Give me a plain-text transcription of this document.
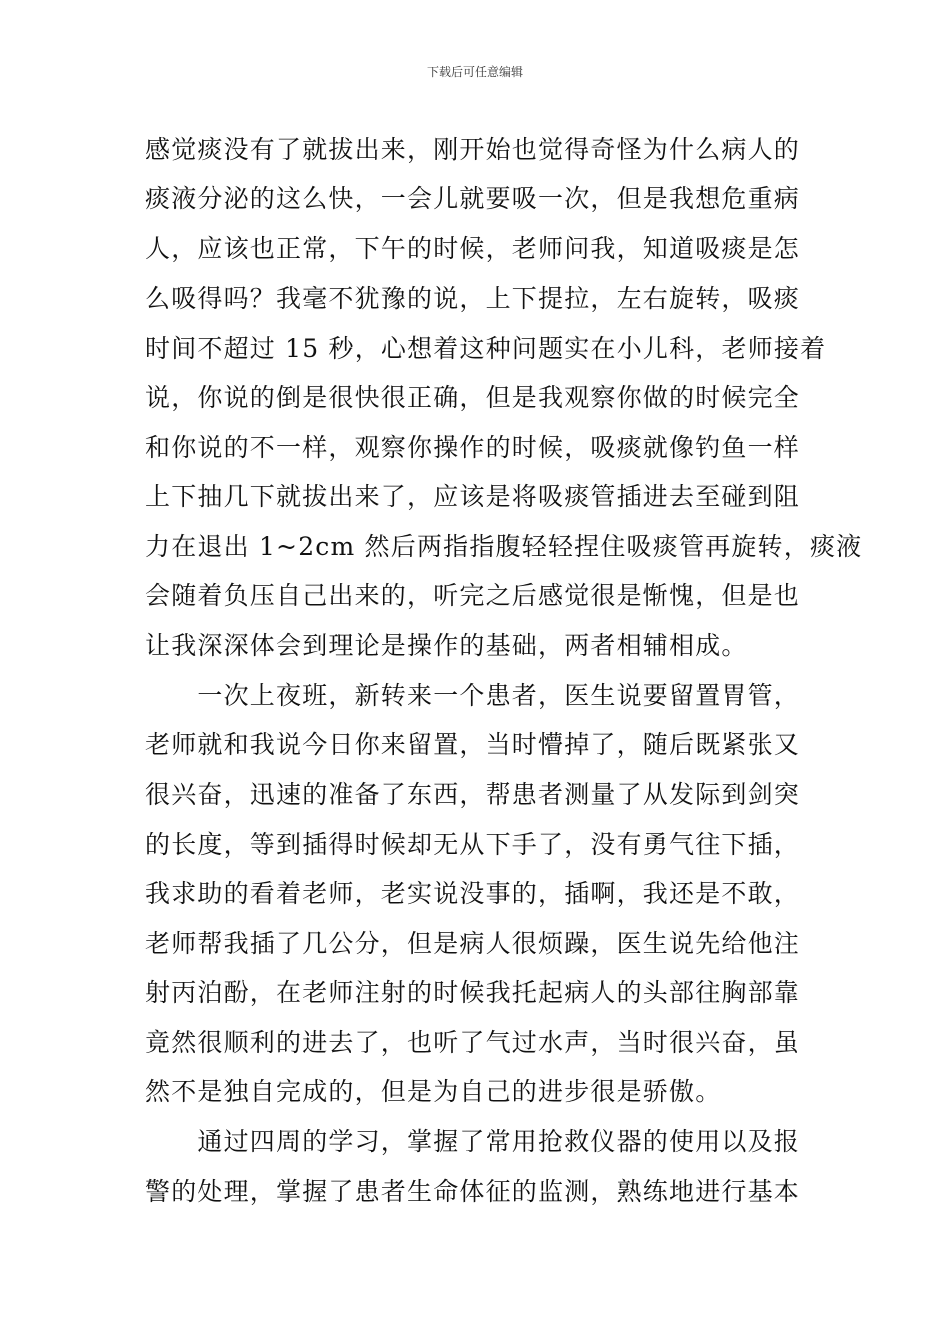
下载后可任意编辑
感觉痰没有了就拔出来，刚开始也觉得奇怪为什么病人的
痰液分泌的这么快，一会儿就要吸一次，但是我想危重病
人，应该也正常，下午的时候，老师问我，知道吸痰是怎
么吸得吗？我毫不犹豫的说，上下提拉，左右旋转，吸痰
时间不超过 15 秒，心想着这种问题实在小儿科，老师接着
说，你说的倒是很快很正确，但是我观察你做的时候完全
和你说的不一样，观察你操作的时候，吸痰就像钓鱼一样
上下抽几下就拔出来了，应该是将吸痰管插进去至碰到阻
力在退出 1~2cm 然后两指指腹轻轻捏住吸痰管再旋转，痰液
会随着负压自己出来的，听完之后感觉很是惭愧，但是也
让我深深体会到理论是操作的基础，两者相辅相成。
　　一次上夜班，新转来一个患者，医生说要留置胃管，
老师就和我说今日你来留置，当时懵掉了，随后既紧张又
很兴奋，迅速的准备了东西，帮患者测量了从发际到剑突
的长度，等到插得时候却无从下手了，没有勇气往下插，
我求助的看着老师，老实说没事的，插啊，我还是不敢，
老师帮我插了几公分，但是病人很烦躁，医生说先给他注
射丙泊酚，在老师注射的时候我托起病人的头部往胸部靠
竟然很顺利的进去了，也听了气过水声，当时很兴奋，虽
然不是独自完成的，但是为自己的进步很是骄傲。
　　通过四周的学习，掌握了常用抢救仪器的使用以及报
警的处理，掌握了患者生命体征的监测，熟练地进行基本
